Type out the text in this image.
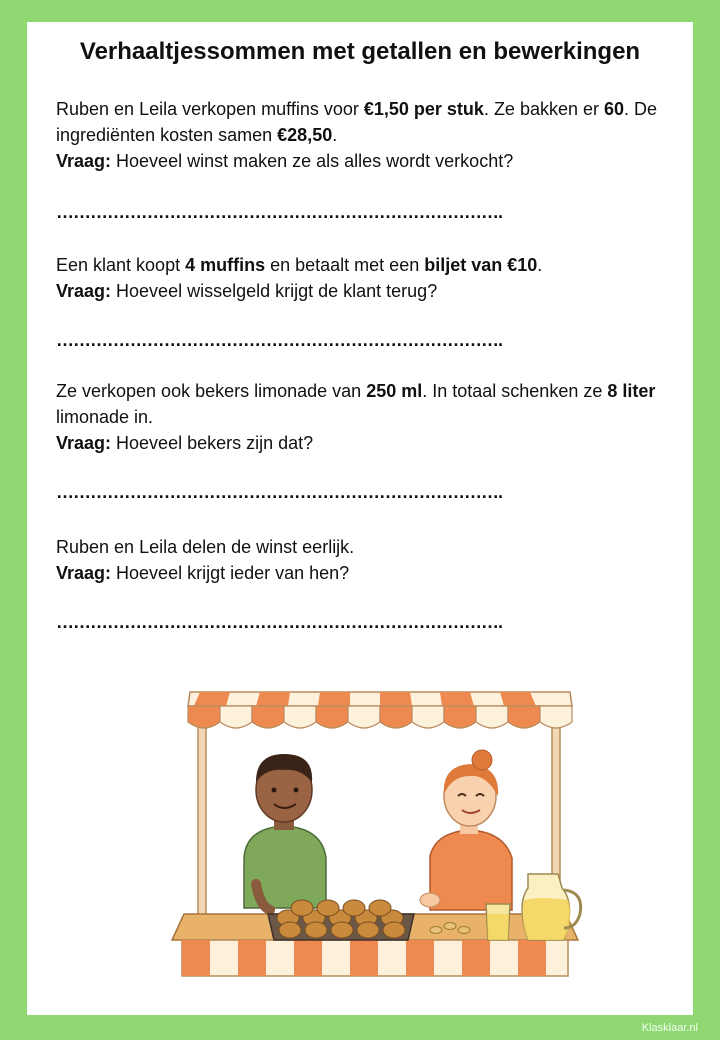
Verhaaltjessommen met getallen en bewerkingen

Ruben en Leila verkopen muffins voor €1,50 per stuk. Ze bakken er 60. De ingrediënten kosten samen €28,50.

Vraag: Hoeveel winst maken ze als alles wordt verkocht?

…………………………………………………………………….

Een klant koopt 4 muffins en betaalt met een biljet van €10.

Vraag: Hoeveel wisselgeld krijgt de klant terug?

…………………………………………………………………….

Ze verkopen ook bekers limonade van 250 ml. In totaal schenken ze 8 liter limonade in.

Vraag: Hoeveel bekers zijn dat?

…………………………………………………………………….

Ruben en Leila delen de winst eerlijk.

Vraag: Hoeveel krijgt ieder van hen?

…………………………………………………………………….
Klasklaar.nl
